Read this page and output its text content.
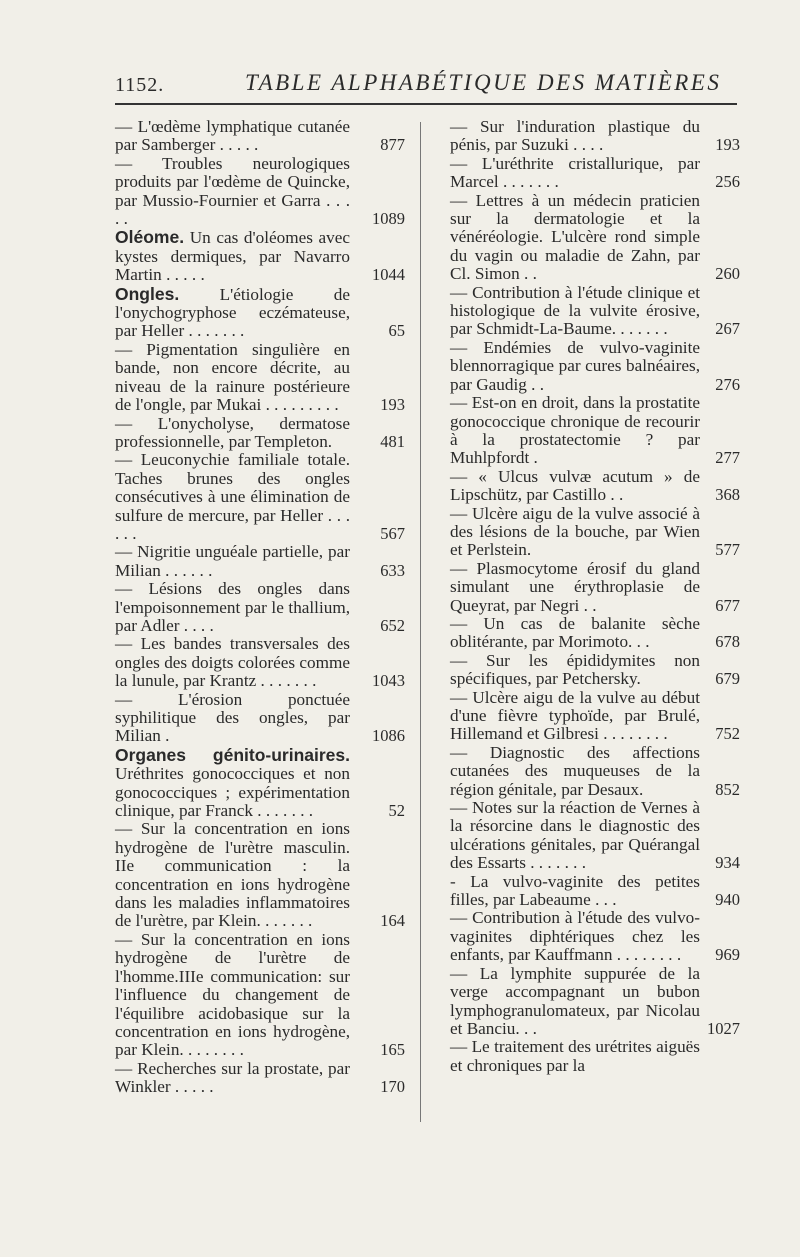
1152.	TABLE ALPHABÉTIQUE DES MATIÈRES
— L'œdème lymphatique cutanée par Samberger . . . . .	877
— Troubles neurologiques produits par l'œdème de Quincke, par Mussio-Fournier et Garra . . . . .	1089
Oléome. Un cas d'oléomes avec kystes dermiques, par Navarro Martin . . . . .	1044
Ongles. L'étiologie de l'onychogryphose eczémateuse, par Heller . . . . . . .	65
— Pigmentation singulière en bande, non encore décrite, au niveau de la rainure postérieure de l'ongle, par Mukai . . . . . . . . .	193
— L'onycholyse, dermatose professionnelle, par Templeton.	481
— Leuconychie familiale totale. Taches brunes des ongles consécutives à une élimination de sulfure de mercure, par Heller . . . . . .	567
— Nigritie unguéale partielle, par Milian . . . . . .	633
— Lésions des ongles dans l'empoisonnement par le thallium, par Adler . . . .	652
— Les bandes transversales des ongles des doigts colorées comme la lunule, par Krantz . . . . . . .	1043
— L'érosion ponctuée syphilitique des ongles, par Milian .	1086
Organes génito-urinaires. Uréthrites gonococciques et non gonococciques ; expérimentation clinique, par Franck . . . . . . .	52
— Sur la concentration en ions hydrogène de l'urètre masculin. IIe communication : la concentration en ions hydrogène dans les maladies inflammatoires de l'urètre, par Klein. . . . . . .	164
— Sur la concentration en ions hydrogène de l'urètre de l'homme.IIIe communication: sur l'influence du changement de l'équilibre acidobasique sur la concentration en ions hydrogène, par Klein. . . . . . . .	165
— Recherches sur la prostate, par Winkler . . . . .	170
— Sur l'induration plastique du pénis, par Suzuki . . . .	193
— L'uréthrite cristallurique, par Marcel . . . . . . .	256
— Lettres à un médecin praticien sur la dermatologie et la vénéréologie. L'ulcère rond simple du vagin ou maladie de Zahn, par Cl. Simon . .	260
— Contribution à l'étude clinique et histologique de la vulvite érosive, par Schmidt-La-Baume. . . . . . .	267
— Endémies de vulvo-vaginite blennorragique par cures balnéaires, par Gaudig . .	276
— Est-on en droit, dans la prostatite gonococcique chronique de recourir à la prostatectomie ? par Muhlpfordt .	277
— « Ulcus vulvæ acutum » de Lipschütz, par Castillo . .	368
— Ulcère aigu de la vulve associé à des lésions de la bouche, par Wien et Perlstein.	577
— Plasmocytome érosif du gland simulant une érythroplasie de Queyrat, par Negri . .	677
— Un cas de balanite sèche oblitérante, par Morimoto. . .	678
— Sur les épididymites non spécifiques, par Petchersky.	679
— Ulcère aigu de la vulve au début d'une fièvre typhoïde, par Brulé, Hillemand et Gilbresi . . . . . . . .	752
— Diagnostic des affections cutanées des muqueuses de la région génitale, par Desaux.	852
— Notes sur la réaction de Vernes à la résorcine dans le diagnostic des ulcérations génitales, par Quérangal des Essarts . . . . . . .	934
- La vulvo-vaginite des petites filles, par Labeaume . . .	940
— Contribution à l'étude des vulvo-vaginites diphtériques chez les enfants, par Kauffmann . . . . . . . .	969
— La lymphite suppurée de la verge accompagnant un bubon lymphogranulomateux, par Nicolau et Banciu. . .	1027
— Le traitement des urétrites aiguës et chroniques par la
